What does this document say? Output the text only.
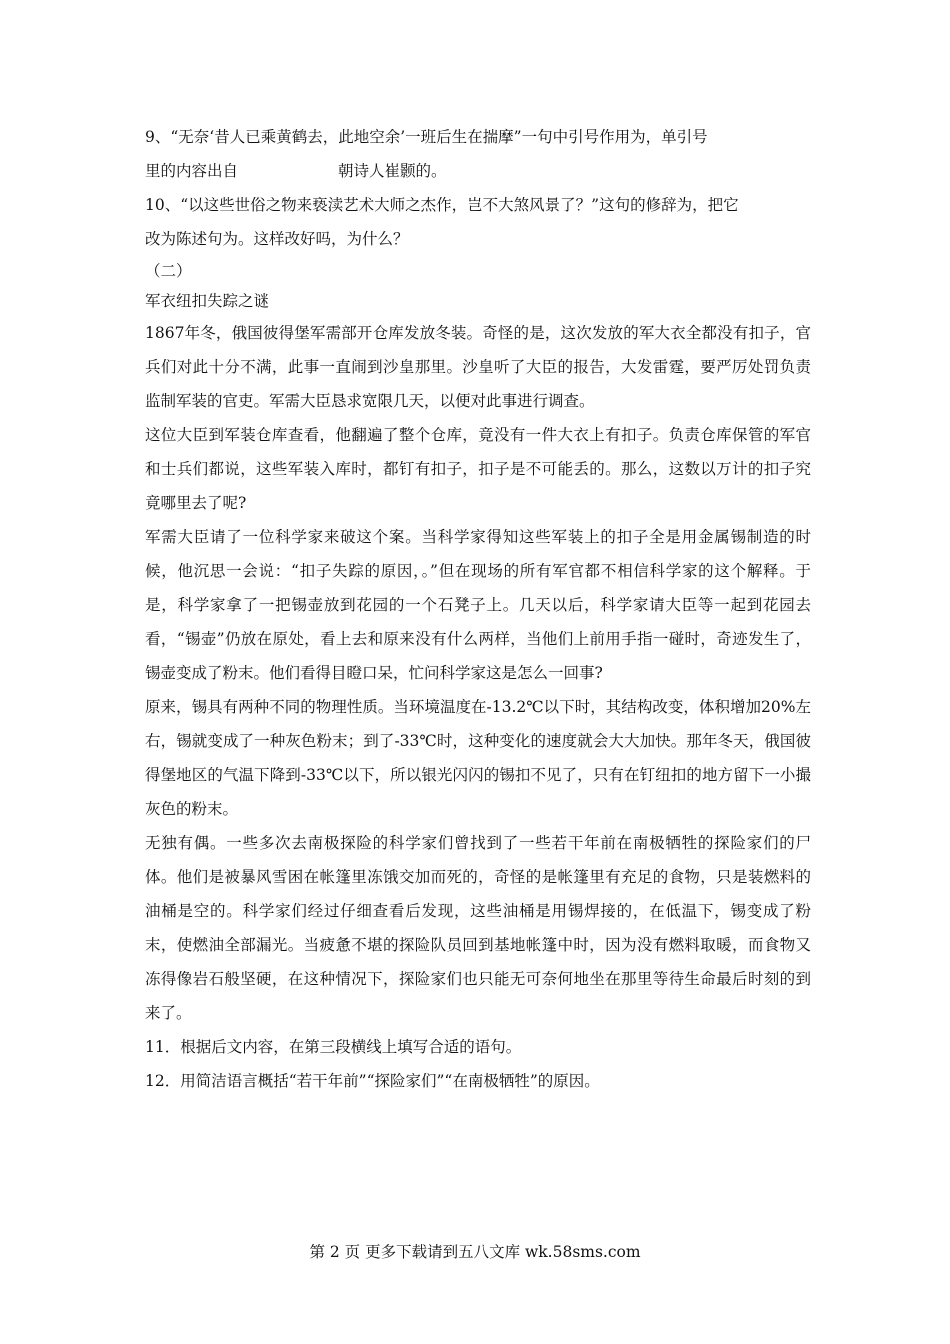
9、“无奈‘昔人已乘黄鹤去，此地空余’一班后生在揣摩”一句中引号作用为，单引号

里的内容出自	朝诗人崔颢的。

10、“以这些世俗之物来亵渎艺术大师之杰作，岂不大煞风景了？”这句的修辞为，把它

改为陈述句为。这样改好吗，为什么？

（二）

军衣纽扣失踪之谜

1867年冬，俄国彼得堡军需部开仓库发放冬装。奇怪的是，这次发放的军大衣全都没有扣子，官兵们对此十分不满，此事一直闹到沙皇那里。沙皇听了大臣的报告，大发雷霆，要严厉处罚负责监制军装的官吏。军需大臣恳求宽限几天，以便对此事进行调查。

这位大臣到军装仓库查看，他翻遍了整个仓库，竟没有一件大衣上有扣子。负责仓库保管的军官和士兵们都说，这些军装入库时，都钉有扣子，扣子是不可能丢的。那么，这数以万计的扣子究竟哪里去了呢?

军需大臣请了一位科学家来破这个案。当科学家得知这些军装上的扣子全是用金属锡制造的时候，他沉思一会说：“扣子失踪的原因，。”但在现场的所有军官都不相信科学家的这个解释。于是，科学家拿了一把锡壶放到花园的一个石凳子上。几天以后，科学家请大臣等一起到花园去看，“锡壶”仍放在原处，看上去和原来没有什么两样，当他们上前用手指一碰时，奇迹发生了，锡壶变成了粉末。他们看得目瞪口呆，忙问科学家这是怎么一回事?

原来，锡具有两种不同的物理性质。当环境温度在-13.2℃以下时，其结构改变，体积增加20%左右，锡就变成了一种灰色粉末；到了-33℃时，这种变化的速度就会大大加快。那年冬天，俄国彼得堡地区的气温下降到-33℃以下，所以银光闪闪的锡扣不见了，只有在钉纽扣的地方留下一小撮灰色的粉末。

无独有偶。一些多次去南极探险的科学家们曾找到了一些若干年前在南极牺牲的探险家们的尸体。他们是被暴风雪困在帐篷里冻饿交加而死的，奇怪的是帐篷里有充足的食物，只是装燃料的油桶是空的。科学家们经过仔细查看后发现，这些油桶是用锡焊接的，在低温下，锡变成了粉末，使燃油全部漏光。当疲惫不堪的探险队员回到基地帐篷中时，因为没有燃料取暖，而食物又冻得像岩石般坚硬，在这种情况下，探险家们也只能无可奈何地坐在那里等待生命最后时刻的到来了。

11．根据后文内容，在第三段横线上填写合适的语句。

12．用简洁语言概括“若干年前”“探险家们”“在南极牺牲”的原因。

第 2 页 更多下载请到五八文库 wk.58sms.com
